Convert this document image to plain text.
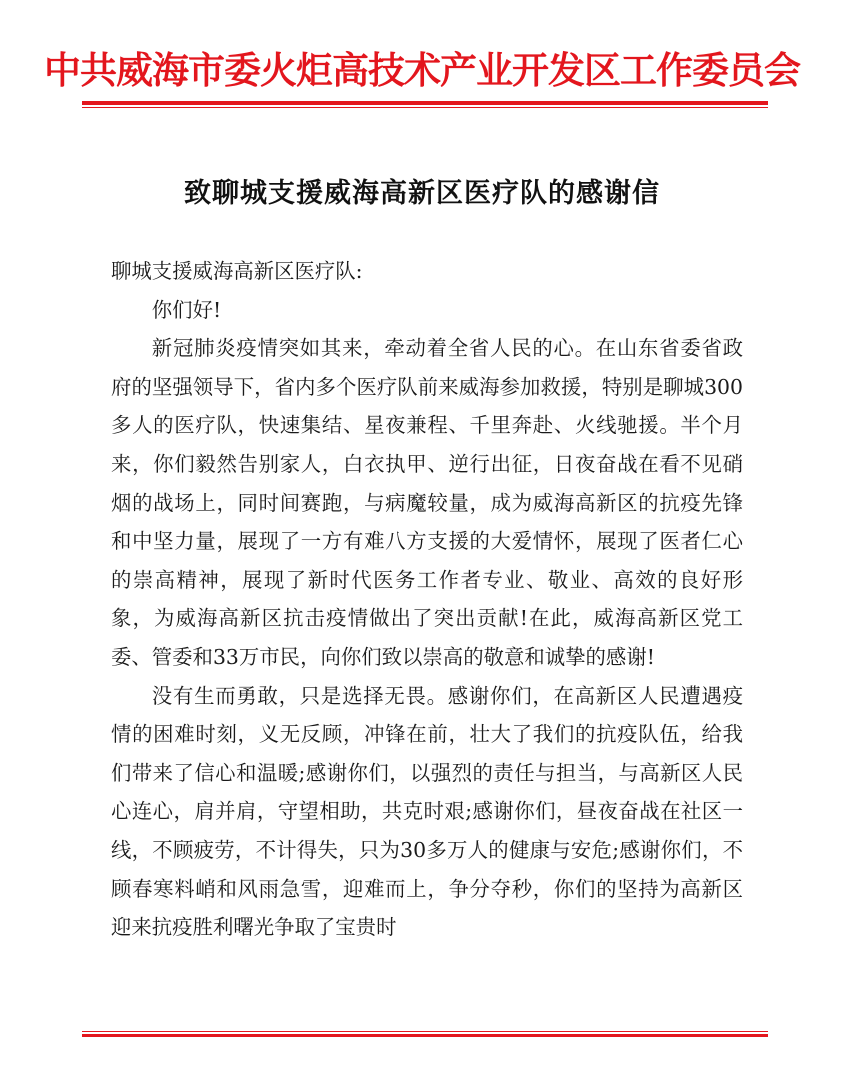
中共威海市委火炬高技术产业开发区工作委员会
致聊城支援威海高新区医疗队的感谢信

聊城支援威海高新区医疗队:

你们好!

新冠肺炎疫情突如其来，牵动着全省人民的心。在山东省委省政府的坚强领导下，省内多个医疗队前来威海参加救援，特别是聊城300多人的医疗队，快速集结、星夜兼程、千里奔赴、火线驰援。半个月来，你们毅然告别家人，白衣执甲、逆行出征，日夜奋战在看不见硝烟的战场上，同时间赛跑，与病魔较量，成为威海高新区的抗疫先锋和中坚力量，展现了一方有难八方支援的大爱情怀，展现了医者仁心的崇高精神，展现了新时代医务工作者专业、敬业、高效的良好形象，为威海高新区抗击疫情做出了突出贡献!在此，威海高新区党工委、管委和33万市民，向你们致以崇高的敬意和诚挚的感谢!

没有生而勇敢，只是选择无畏。感谢你们，在高新区人民遭遇疫情的困难时刻，义无反顾，冲锋在前，壮大了我们的抗疫队伍，给我们带来了信心和温暖;感谢你们，以强烈的责任与担当，与高新区人民心连心，肩并肩，守望相助，共克时艰;感谢你们，昼夜奋战在社区一线，不顾疲劳，不计得失，只为30多万人的健康与安危;感谢你们，不顾春寒料峭和风雨急雪，迎难而上，争分夺秒，你们的坚持为高新区迎来抗疫胜利曙光争取了宝贵时
